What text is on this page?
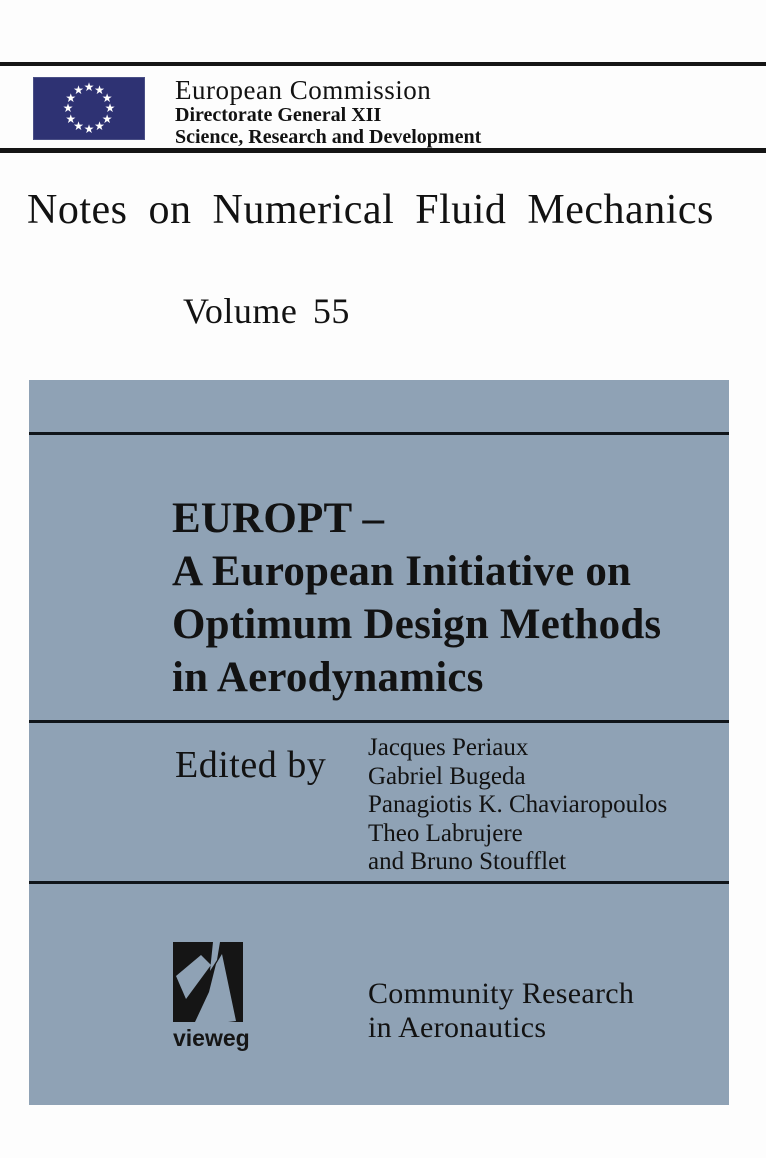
★ ★
★
★
★
★
★
★
★
★
★
★	European Commission
Directorate General XII
Science, Research and Development
Notes on Numerical Fluid Mechanics
Volume 55
EUROPT –
A European Initiative on
Optimum Design Methods
in Aerodynamics
Edited by Jacques Periaux
Gabriel Bugeda
Panagiotis K. Chaviaropoulos
Theo Labrujere
and Bruno Stoufflet
vieweg
Community Research
in Aeronautics
